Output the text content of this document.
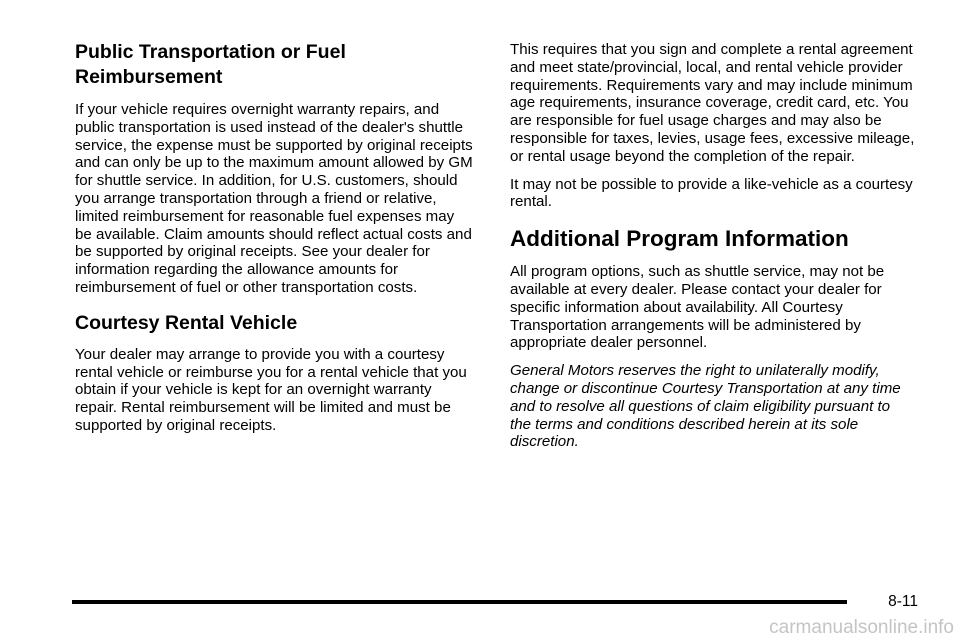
Public Transportation or Fuel Reimbursement

If your vehicle requires overnight warranty repairs, and public transportation is used instead of the dealer's shuttle service, the expense must be supported by original receipts and can only be up to the maximum amount allowed by GM for shuttle service. In addition, for U.S. customers, should you arrange transportation through a friend or relative, limited reimbursement for reasonable fuel expenses may be available. Claim amounts should reflect actual costs and be supported by original receipts. See your dealer for information regarding the allowance amounts for reimbursement of fuel or other transportation costs.

Courtesy Rental Vehicle

Your dealer may arrange to provide you with a courtesy rental vehicle or reimburse you for a rental vehicle that you obtain if your vehicle is kept for an overnight warranty repair. Rental reimbursement will be limited and must be supported by original receipts.

This requires that you sign and complete a rental agreement and meet state/provincial, local, and rental vehicle provider requirements. Requirements vary and may include minimum age requirements, insurance coverage, credit card, etc. You are responsible for fuel usage charges and may also be responsible for taxes, levies, usage fees, excessive mileage, or rental usage beyond the completion of the repair.

It may not be possible to provide a like-vehicle as a courtesy rental.

Additional Program Information

All program options, such as shuttle service, may not be available at every dealer. Please contact your dealer for specific information about availability. All Courtesy Transportation arrangements will be administered by appropriate dealer personnel.

General Motors reserves the right to unilaterally modify, change or discontinue Courtesy Transportation at any time and to resolve all questions of claim eligibility pursuant to the terms and conditions described herein at its sole discretion.

8-11
carmanualsonline.info
